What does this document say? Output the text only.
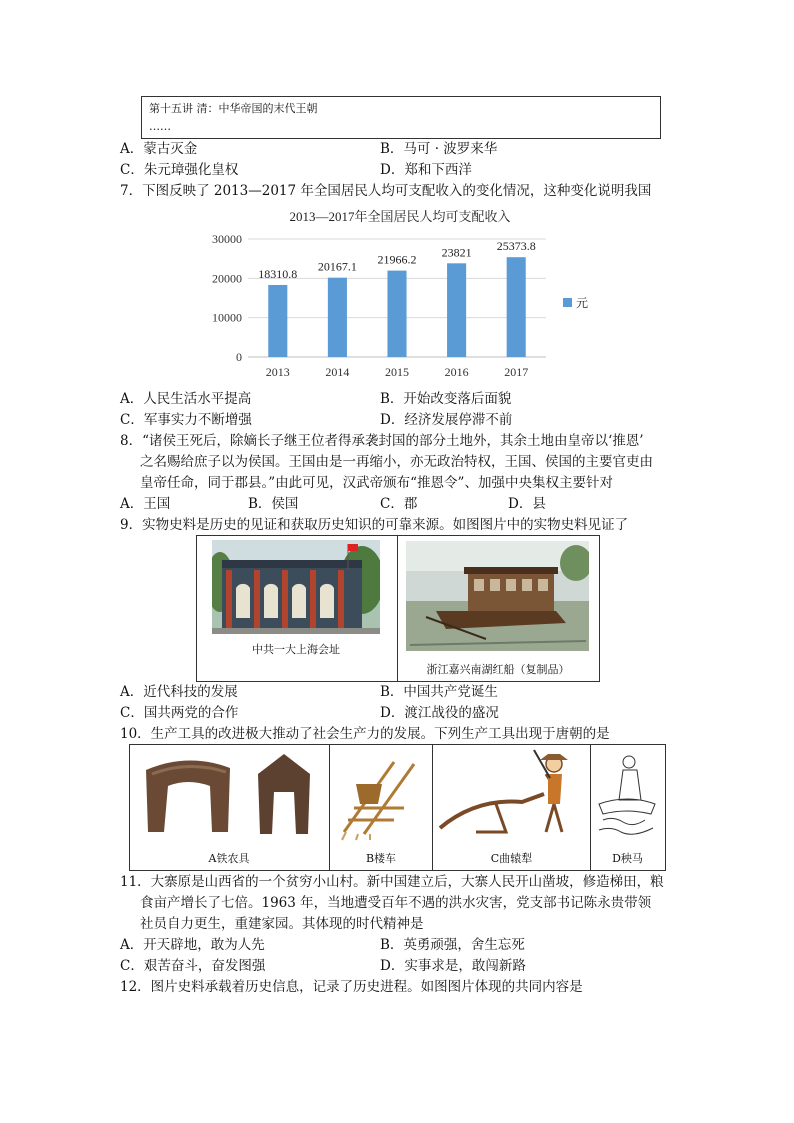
第十五讲 清：中华帝国的末代王朝
……
A．蒙古灭金	B．马可 · 波罗来华
C．朱元璋强化皇权	D．郑和下西洋
7．下图反映了 2013—2017 年全国居民人均可支配收入的变化情况，这种变化说明我国
2013—2017年全国居民人均可支配收入
0
10000
20000
30000
2013	2014	2015	2016	2017
18310.8
20167.1
21966.2
23821 25373.8
元
A．人民生活水平提高	B．开始改变落后面貌
C．军事实力不断增强	D．经济发展停滞不前
8．“诸侯王死后，除嫡长子继王位者得承袭封国的部分土地外，其余土地由皇帝以‘推恩’
之名赐给庶子以为侯国。王国由是一再缩小，亦无政治特权，王国、侯国的主要官吏由
皇帝任命，同于郡县。”由此可见，汉武帝颁布“推恩令”、加强中央集权主要针对
A．王国	B．侯国	C．郡	D．县
9．实物史料是历史的见证和获取历史知识的可靠来源。如图图片中的实物史料见证了
中共一大上海会址
浙江嘉兴南湖红船（复制品）
A．近代科技的发展	B．中国共产党诞生
C．国共两党的合作	D．渡江战役的盛况
10．生产工具的改进极大推动了社会生产力的发展。下列生产工具出现于唐朝的是
A铁农具	B楼车	C曲辕犁	D秧马
11．大寨原是山西省的一个贫穷小山村。新中国建立后，大寨人民开山凿坡，修造梯田，粮
食亩产增长了七倍。1963 年，当地遭受百年不遇的洪水灾害，党支部书记陈永贵带领
社员自力更生，重建家园。其体现的时代精神是
A．开天辟地，敢为人先	B．英勇顽强，舍生忘死
C．艰苦奋斗，奋发图强	D．实事求是，敢闯新路
12．图片史料承载着历史信息，记录了历史进程。如图图片体现的共同内容是
